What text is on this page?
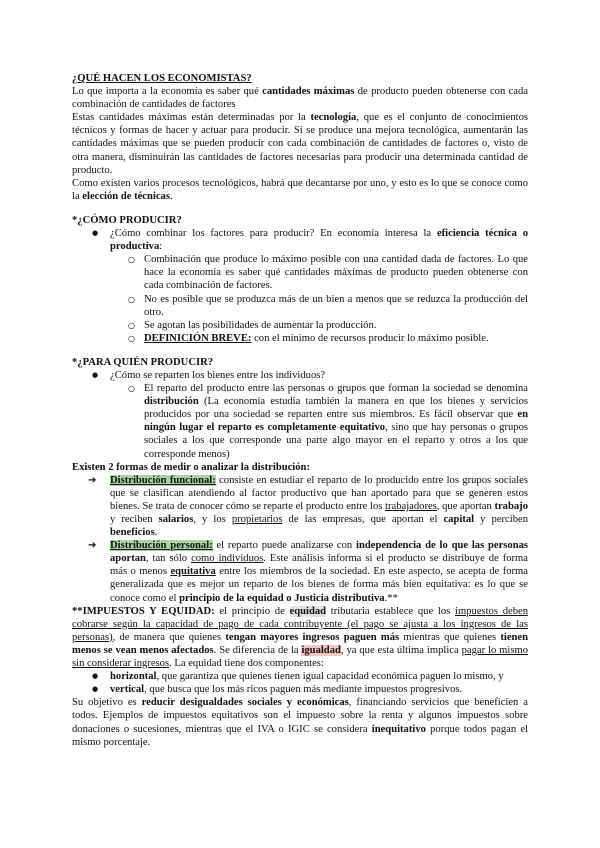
¿QUÉ HACEN LOS ECONOMISTAS?

Lo que importa a la economía es saber qué cantidades máximas de producto pueden obtenerse con cada combinación de cantidades de factores

Estas cantidades máximas están determinadas por la tecnología, que es el conjunto de conocimientos técnicos y formas de hacer y actuar para producir. Si se produce una mejora tecnológica, aumentarán las cantidades máximas que se pueden producir con cada combinación de cantidades de factores o, visto de otra manera, disminuirán las cantidades de factores necesarias para producir una determinada cantidad de producto.

Como existen varios procesos tecnológicos, habrá que decantarse por uno, y esto es lo que se conoce como la elección de técnicas.

*¿CÓMO PRODUCIR?

● ¿Cómo combinar los factores para producir? En economía interesa la eficiencia técnica o productiva:
○ Combinación que produce lo máximo posible con una cantidad dada de factores. Lo que hace la economía es saber qué cantidades máximas de producto pueden obtenerse con cada combinación de factores.
○ No es posible que se produzca más de un bien a menos que se reduzca la producción del otro.
○ Se agotan las posibilidades de aumentar la producción.
○ DEFINICIÓN BREVE: con el mínimo de recursos producir lo máximo posible.

*¿PARA QUIÉN PRODUCIR?

● ¿Cómo se reparten los bienes entre los individuos?
○ El reparto del producto entre las personas o grupos que forman la sociedad se denomina distribución (La economía estudia también la manera en que los bienes y servicios producidos por una sociedad se reparten entre sus miembros. Es fácil observar que en ningún lugar el reparto es completamente equitativo, sino que hay personas o grupos sociales a los que corresponde una parte algo mayor en el reparto y otros a los que corresponde menos)

Existen 2 formas de medir o analizar la distribución:

➔ Distribución funcional: consiste en estudiar el reparto de lo producido entre los grupos sociales que se clasifican atendiendo al factor productivo que han aportado para que se generen estos bienes. Se trata de conocer cómo se reparte el producto entre los trabajadores, que aportan trabajo y reciben salarios, y los propietarios de las empresas, que aportan el capital y perciben beneficios.
➔ Distribución personal: el reparto puede analizarse con independencia de lo que las personas aportan, tan sólo como individuos. Este análisis informa si el producto se distribuye de forma más o menos equitativa entre los miembros de la sociedad. En este aspecto, se acepta de forma generalizada que es mejor un reparto de los bienes de forma más bien equitativa: es lo que se conoce como el principio de la equidad o Justicia distributiva.**

**IMPUESTOS Y EQUIDAD: el principio de equidad tributaria establece que los impuestos deben cobrarse según la capacidad de pago de cada contribuyente (el pago se ajusta a los ingresos de las personas), de manera que quienes tengan mayores ingresos paguen más mientras que quienes tienen menos se vean menos afectados. Se diferencia de la igualdad, ya que esta última implica pagar lo mismo sin considerar ingresos. La equidad tiene dos componentes:

● horizontal, que garantiza que quienes tienen igual capacidad económica paguen lo mismo, y
● vertical, que busca que los más ricos paguen más mediante impuestos progresivos.

Su objetivo es reducir desigualdades sociales y económicas, financiando servicios que beneficien a todos. Ejemplos de impuestos equitativos son el impuesto sobre la renta y algunos impuestos sobre donaciones o sucesiones, mientras que el IVA o IGIC se considera inequitativo porque todos pagan el mismo porcentaje.
